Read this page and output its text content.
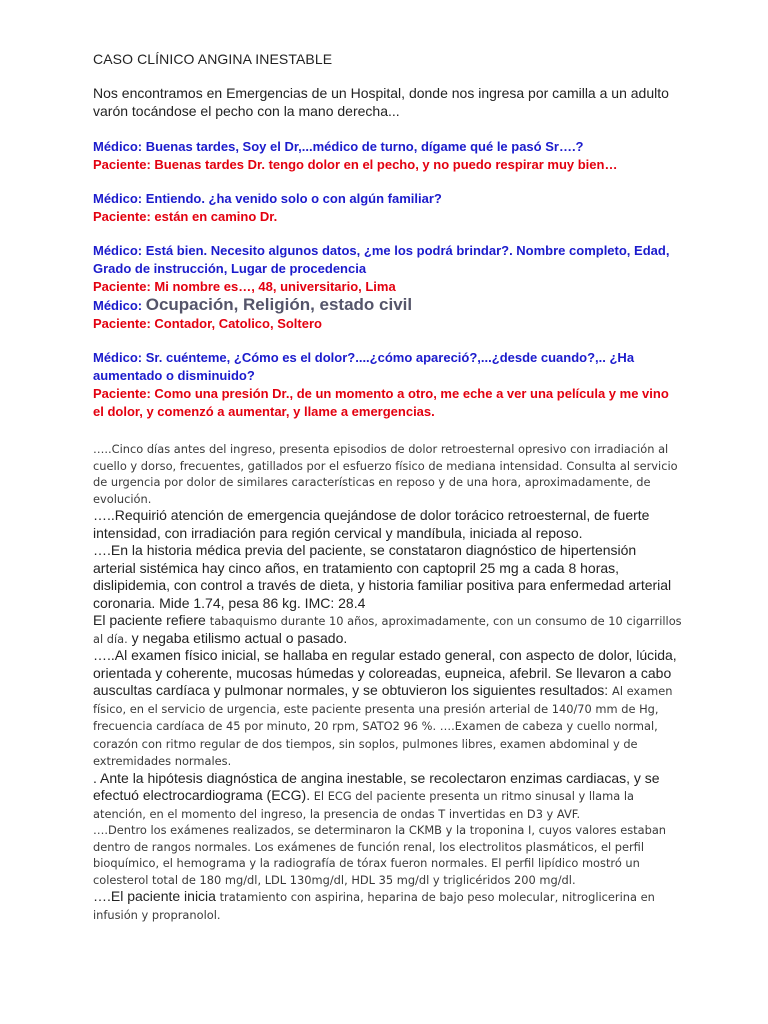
CASO CLÍNICO ANGINA INESTABLE

Nos encontramos en Emergencias de un Hospital, donde nos ingresa por camilla a un adulto varón tocándose el pecho con la mano derecha...

Médico: Buenas tardes, Soy el Dr,...médico de turno, dígame qué le pasó Sr….?

Paciente: Buenas tardes Dr. tengo dolor en el pecho, y no puedo respirar muy bien…

Médico: Entiendo. ¿ha venido solo o con algún familiar?

Paciente: están en camino Dr.

Médico: Está bien. Necesito algunos datos, ¿me los podrá brindar?. Nombre completo, Edad, Grado de instrucción, Lugar de procedencia

Paciente: Mi nombre es…, 48, universitario, Lima

Médico: Ocupación, Religión, estado civil

Paciente: Contador, Catolico, Soltero

Médico: Sr. cuénteme, ¿Cómo es el dolor?....¿cómo apareció?,...¿desde cuando?,.. ¿Ha aumentado o disminuido?

Paciente: Como una presión Dr., de un momento a otro, me eche a ver una película y me vino el dolor, y comenzó a aumentar, y llame a emergencias.

…..Cinco días antes del ingreso, presenta episodios de dolor retroesternal opresivo con irradiación al cuello y dorso, frecuentes, gatillados por el esfuerzo físico de mediana intensidad. Consulta al servicio de urgencia por dolor de similares características en reposo y de una hora, aproximadamente, de evolución.

…..Requirió atención de emergencia quejándose de dolor torácico retroesternal, de fuerte intensidad, con irradiación para región cervical y mandíbula, iniciada al reposo.

….En la historia médica previa del paciente, se constataron diagnóstico de hipertensión arterial sistémica hay cinco años, en tratamiento con captopril 25 mg a cada 8 horas, dislipidemia, con control a través de dieta, y historia familiar positiva para enfermedad arterial coronaria. Mide 1.74, pesa 86 kg. IMC: 28.4

El paciente refiere tabaquismo durante 10 años, aproximadamente, con un consumo de 10 cigarrillos al día. y negaba etilismo actual o pasado.

…..Al examen físico inicial, se hallaba en regular estado general, con aspecto de dolor, lúcida, orientada y coherente, mucosas húmedas y coloreadas, eupneica, afebril. Se llevaron a cabo auscultas cardíaca y pulmonar normales, y se obtuvieron los siguientes resultados: Al examen físico, en el servicio de urgencia, este paciente presenta una presión arterial de 140/70 mm de Hg, frecuencia cardíaca de 45 por minuto, 20 rpm, SATO2 96 %. ….Examen de cabeza y cuello normal, corazón con ritmo regular de dos tiempos, sin soplos, pulmones libres, examen abdominal y de extremidades normales.

. Ante la hipótesis diagnóstica de angina inestable, se recolectaron enzimas cardiacas, y se efectuó electrocardiograma (ECG). El ECG del paciente presenta un ritmo sinusal y llama la atención, en el momento del ingreso, la presencia de ondas T invertidas en D3 y AVF.

….Dentro los exámenes realizados, se determinaron la CKMB y la troponina I, cuyos valores estaban dentro de rangos normales. Los exámenes de función renal, los electrolitos plasmáticos, el perfil bioquímico, el hemograma y la radiografía de tórax fueron normales. El perfil lipídico mostró un colesterol total de 180 mg/dl, LDL 130mg/dl, HDL 35 mg/dl y triglicéridos 200 mg/dl.

….El paciente inicia tratamiento con aspirina, heparina de bajo peso molecular, nitroglicerina en infusión y propranolol.
